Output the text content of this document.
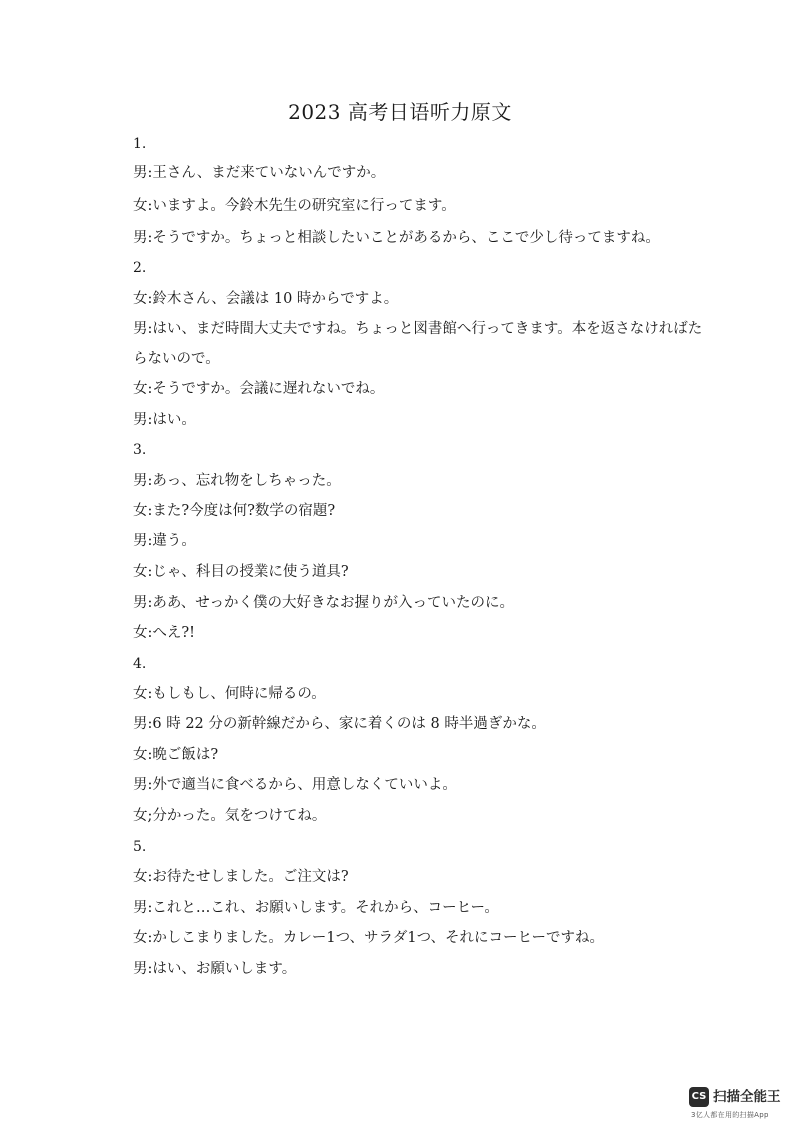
2023 高考日语听力原文
1.
男:王さん、まだ来ていないんですか。
女:いますよ。今鈴木先生の研究室に行ってます。
男:そうですか。ちょっと相談したいことがあるから、ここで少し待ってますね。
2.
女:鈴木さん、会議は 10 時からですよ。
男:はい、まだ時間大丈夫ですね。ちょっと図書館へ行ってきます。本を返さなければた
らないので。
女:そうですか。会議に遅れないでね。
男:はい。
3.
男:あっ、忘れ物をしちゃった。
女:また?今度は何?数学の宿題?
男:違う。
女:じゃ、科目の授業に使う道具?
男:ああ、せっかく僕の大好きなお握りが入っていたのに。
女:へえ?!
4.
女:もしもし、何時に帰るの。
男:6 時 22 分の新幹線だから、家に着くのは 8 時半過ぎかな。
女:晩ご飯は?
男:外で適当に食べるから、用意しなくていいよ。
女;分かった。気をつけてね。
5.
女:お待たせしました。ご注文は?
男:これと…これ、お願いします。それから、コーヒー。
女:かしこまりました。カレー1つ、サラダ1つ、それにコーヒーですね。
男:はい、お願いします。
CS 扫描全能王
3亿人都在用的扫描App
